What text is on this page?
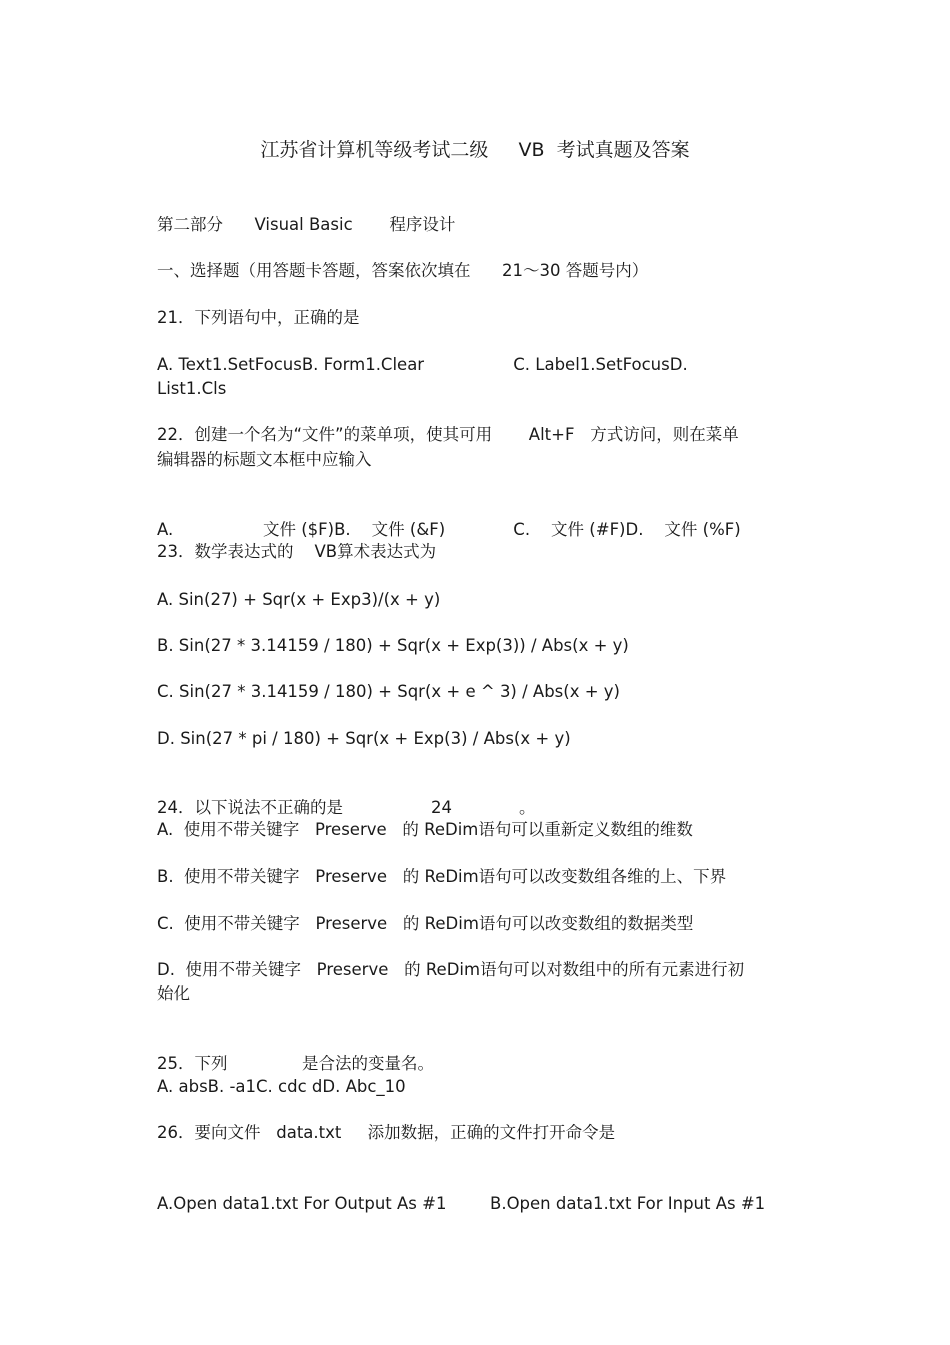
江苏省计算机等级考试二级     VB  考试真题及答案

第二部分      Visual Basic       程序设计

一、选择题（用答题卡答题，答案依次填在      21～30 答题号内）

21．下列语句中，正确的是

A. Text1.SetFocusB. Form1.Clear                 C. Label1.SetFocusD.

List1.Cls

22．创建一个名为“文件”的菜单项，使其可用       Alt+F   方式访问，则在菜单

编辑器的标题文本框中应输入

A.	文件 ($F)B.    文件 (&F)             C.    文件 (#F)D.    文件 (%F)

23．数学表达式的    VB算术表达式为

A. Sin(27) + Sqr(x + Exp3)/(x + y)

B. Sin(27 * 3.14159 / 180) + Sqr(x + Exp(3)) / Abs(x + y)

C. Sin(27 * 3.14159 / 180) + Sqr(x + e ^ 3) / Abs(x + y)

D. Sin(27 * pi / 180) + Sqr(x + Exp(3) / Abs(x + y)

24．以下说法不正确的是	24	。

A.  使用不带关键字   Preserve   的 ReDim语句可以重新定义数组的维数

B.  使用不带关键字   Preserve   的 ReDim语句可以改变数组各维的上、下界

C.  使用不带关键字   Preserve   的 ReDim语句可以改变数组的数据类型

D.  使用不带关键字   Preserve   的 ReDim语句可以对数组中的所有元素进行初

始化

25．下列	是合法的变量名。

A. absB. -a1C. cdc dD. Abc_10

26．要向文件   data.txt     添加数据，正确的文件打开命令是

A.Open data1.txt For Output As #1	B.Open data1.txt For Input As #1
